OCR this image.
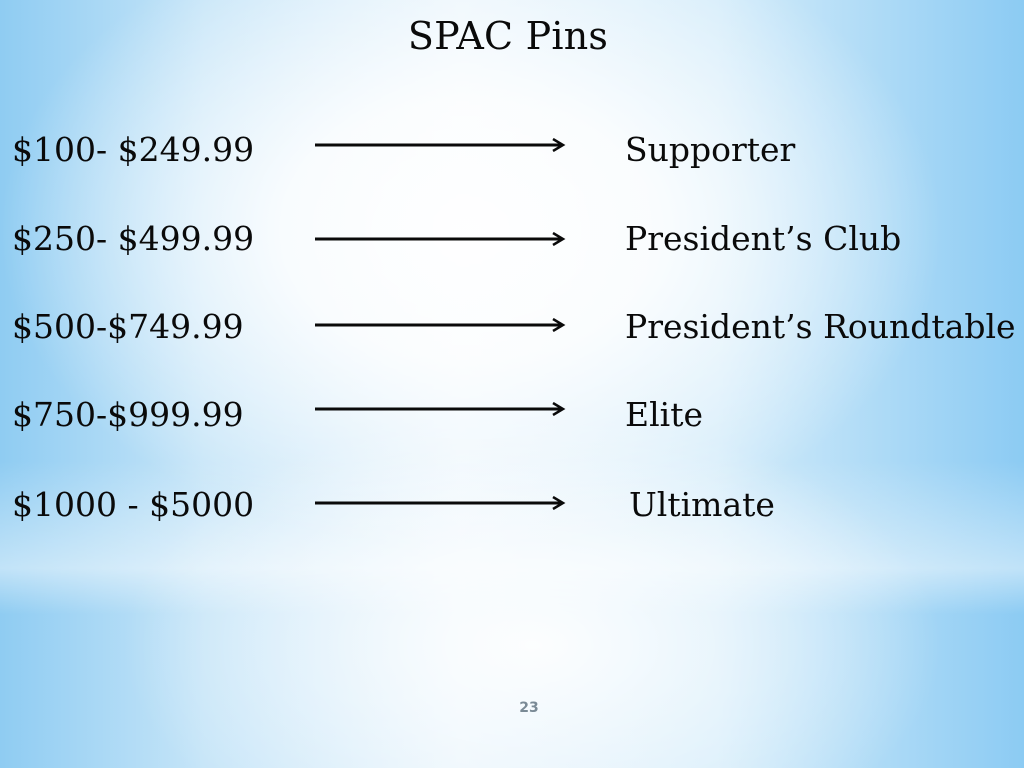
SPAC Pins
$100- $249.99	Supporter
$250- $499.99	President’s Club
$500-$749.99	President’s Roundtable
$750-$999.99	Elite
$1000 - $5000	Ultimate
23
